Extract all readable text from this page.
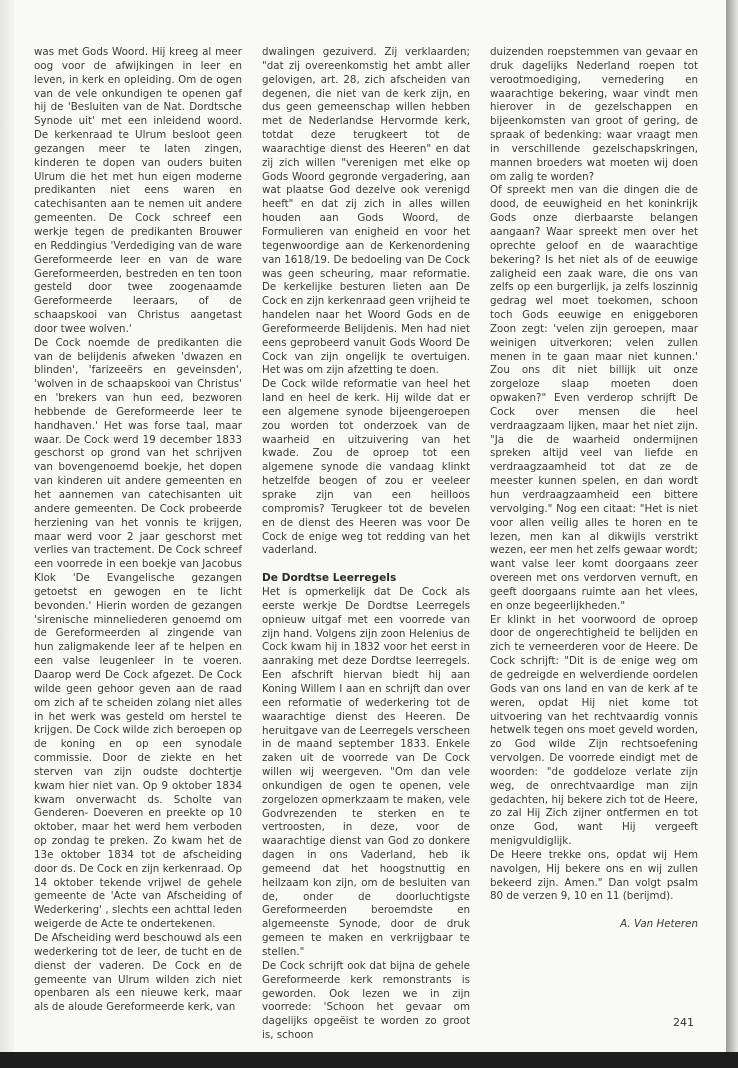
was met Gods Woord. Hij kreeg al meer oog voor de afwijkingen in leer en leven, in kerk en opleiding. Om de ogen van de vele onkundigen te openen gaf hij de 'Besluiten van de Nat. Dordtsche Synode uit' met een inleidend woord. De kerkenraad te Ulrum besloot geen gezangen meer te laten zingen, kinderen te dopen van ouders buiten Ulrum die het met hun eigen moderne predikanten niet eens waren en catechisanten aan te nemen uit andere gemeenten. De Cock schreef een werkje tegen de predikanten Brouwer en Reddingius 'Verdediging van de ware Gereformeerde leer en van de ware Gereformeerden, bestreden en ten toon gesteld door twee zoogenaamde Gereformeerde leeraars, of de schaapskooi van Christus aangetast door twee wolven.'

De Cock noemde de predikanten die van de belijdenis afweken 'dwazen en blinden', 'farizeeërs en geveinsden', 'wolven in de schaapskooi van Christus' en 'brekers van hun eed, bezworen hebbende de Gereformeerde leer te handhaven.' Het was forse taal, maar waar. De Cock werd 19 december 1833 geschorst op grond van het schrijven van bovengenoemd boekje, het dopen van kinderen uit andere gemeenten en het aannemen van catechisanten uit andere gemeenten. De Cock probeerde herziening van het vonnis te krijgen, maar werd voor 2 jaar geschorst met verlies van tractement. De Cock schreef een voorrede in een boekje van Jacobus Klok 'De Evangelische gezangen getoetst en gewogen en te licht bevonden.' Hierin worden de gezangen 'sirenische minneliederen genoemd om de Gereformeerden al zingende van hun zaligmakende leer af te helpen en een valse leugenleer in te voeren. Daarop werd De Cock afgezet. De Cock wilde geen gehoor geven aan de raad om zich af te scheiden zolang niet alles in het werk was gesteld om herstel te krijgen. De Cock wilde zich beroepen op de koning en op een synodale commissie. Door de ziekte en het sterven van zijn oudste dochtertje kwam hier niet van. Op 9 oktober 1834 kwam onverwacht ds. Scholte van Genderen- Doeveren en preekte op 10 oktober, maar het werd hem verboden op zondag te preken. Zo kwam het de 13e oktober 1834 tot de afscheiding door ds. De Cock en zijn kerkenraad. Op 14 oktober tekende vrijwel de gehele gemeente de 'Acte van Afscheiding of Wederkering' , slechts een achttal leden weigerde de Acte te ondertekenen.

De Afscheiding werd beschouwd als een wederkering tot de leer, de tucht en de dienst der vaderen. De Cock en de gemeente van Ulrum wilden zich niet openbaren als een nieuwe kerk, maar als de aloude Gereformeerde kerk, van

dwalingen gezuiverd. Zij verklaarden; "dat zij overeenkomstig het ambt aller gelovigen, art. 28, zich afscheiden van degenen, die niet van de kerk zijn, en dus geen gemeenschap willen hebben met de Nederlandse Hervormde kerk, totdat deze terugkeert tot de waarachtige dienst des Heeren" en dat zij zich willen "verenigen met elke op Gods Woord gegronde vergadering, aan wat plaatse God dezelve ook verenigd heeft" en dat zij zich in alles willen houden aan Gods Woord, de Formulieren van enigheid en voor het tegenwoordige aan de Kerkenordening van 1618/19. De bedoeling van De Cock was geen scheuring, maar reformatie. De kerkelijke besturen lieten aan De Cock en zijn kerkenraad geen vrijheid te handelen naar het Woord Gods en de Gereformeerde Belijdenis. Men had niet eens geprobeerd vanuit Gods Woord De Cock van zijn ongelijk te overtuigen. Het was om zijn afzetting te doen.

De Cock wilde reformatie van heel het land en heel de kerk. Hij wilde dat er een algemene synode bijeengeroepen zou worden tot onderzoek van de waarheid en uitzuivering van het kwade. Zou de oproep tot een algemene synode die vandaag klinkt hetzelfde beogen of zou er veeleer sprake zijn van een heilloos compromis? Terugkeer tot de bevelen en de dienst des Heeren was voor De Cock de enige weg tot redding van het vaderland.

De Dordtse Leerregels

Het is opmerkelijk dat De Cock als eerste werkje De Dordtse Leerregels opnieuw uitgaf met een voorrede van zijn hand. Volgens zijn zoon Helenius de Cock kwam hij in 1832 voor het eerst in aanraking met deze Dordtse leerregels. Een afschrift hiervan biedt hij aan Koning Willem I aan en schrijft dan over een reformatie of wederkering tot de waarachtige dienst des Heeren. De heruitgave van de Leerregels verscheen in de maand september 1833. Enkele zaken uit de voorrede van De Cock willen wij weergeven. "Om dan vele onkundigen de ogen te openen, vele zorgelozen opmerkzaam te maken, vele Godvrezenden te sterken en te vertroosten, in deze, voor de waarachtige dienst van God zo donkere dagen in ons Vaderland, heb ik gemeend dat het hoogstnuttig en heilzaam kon zijn, om de besluiten van de, onder de doorluchtigste Gereformeerden beroemdste en algemeenste Synode, door de druk gemeen te maken en verkrijgbaar te stellen."

De Cock schrijft ook dat bijna de gehele Gereformeerde kerk remonstrants is geworden. Ook lezen we in zijn voorrede: 'Schoon het gevaar om dagelijks opgeëist te worden zo groot is, schoon

duizenden roepstemmen van gevaar en druk dagelijks Nederland roepen tot verootmoediging, vernedering en waarachtige bekering, waar vindt men hierover in de gezelschappen en bijeenkomsten van groot of gering, de spraak of bedenking: waar vraagt men in verschillende gezelschapskringen, mannen broeders wat moeten wij doen om zalig te worden?

Of spreekt men van die dingen die de dood, de eeuwigheid en het koninkrijk Gods onze dierbaarste belangen aangaan? Waar spreekt men over het oprechte geloof en de waarachtige bekering? Is het niet als of de eeuwige zaligheid een zaak ware, die ons van zelfs op een burgerlijk, ja zelfs loszinnig gedrag wel moet toekomen, schoon toch Gods eeuwige en eniggeboren Zoon zegt: 'velen zijn geroepen, maar weinigen uitverkoren; velen zullen menen in te gaan maar niet kunnen.' Zou ons dit niet billijk uit onze zorgeloze slaap moeten doen opwaken?" Even verderop schrijft De Cock over mensen die heel verdraagzaam lijken, maar het niet zijn. "Ja die de waarheid ondermijnen spreken altijd veel van liefde en verdraagzaamheid tot dat ze de meester kunnen spelen, en dan wordt hun verdraagzaamheid een bittere vervolging." Nog een citaat: "Het is niet voor allen veilig alles te horen en te lezen, men kan al dikwijls verstrikt wezen, eer men het zelfs gewaar wordt; want valse leer komt doorgaans zeer overeen met ons verdorven vernuft, en geeft doorgaans ruimte aan het vlees, en onze begeerlijkheden."

Er klinkt in het voorwoord de oproep door de ongerechtigheid te belijden en zich te verneerderen voor de Heere. De Cock schrijft: "Dit is de enige weg om de gedreigde en welverdiende oordelen Gods van ons land en van de kerk af te weren, opdat Hij niet kome tot uitvoering van het rechtvaardig vonnis hetwelk tegen ons moet geveld worden, zo God wilde Zijn rechtsoefening vervolgen. De voorrede eindigt met de woorden: "de goddeloze verlate zijn weg, de onrechtvaardige man zijn gedachten, hij bekere zich tot de Heere, zo zal Hij Zich zijner ontfermen en tot onze God, want Hij vergeeft menigvuldiglijk.

De Heere trekke ons, opdat wij Hem navolgen, Hij bekere ons en wij zullen bekeerd zijn. Amen." Dan volgt psalm 80 de verzen 9, 10 en 11 (berijmd).

A. Van Heteren

241
